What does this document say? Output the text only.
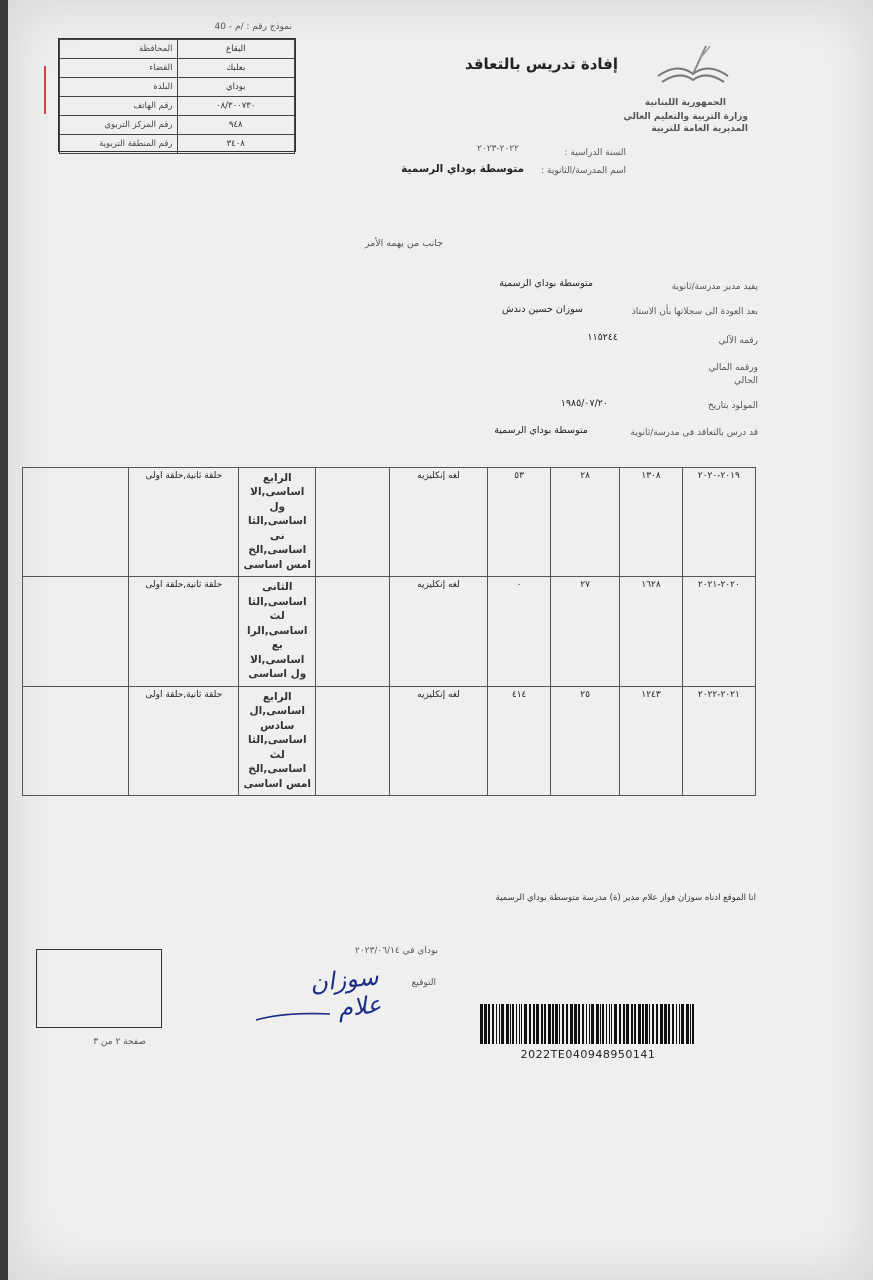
نموذج رقم : /م - 40
المحافظة	البقاع
القضاء	بعلبك
البلدة	بوداي
رقم الهاتف	٠٨/٣٠٠٧٣٠
رقم المركز التربوي	٩٤٨
رقم المنطقة التربوية	٣٤٠٨
إفادة تدريس بالتعاقد
الجمهورية اللبنانية
وزارة التربية والتعليم العالي
المديرية العامة للتربية
السنة الدراسية :
٢٠٢٢-٢٠٢٣
اسم المدرسة/الثانوية :
متوسطة بوداي الرسمية
جانب من يهمه الأمر
يفيد مدير مدرسة/ثانوية
متوسطة بوداي الرسمية
بعد العودة الى سجلاتها بأن الاستاذ
سوزان حسين دندش
رقمه الآلي
١١٥٢٤٤
ورقمه المالي الحالي
المولود بتاريخ
١٩٨٥/٠٧/٢٠
قد درس بالتعاقد في مدرسة/ثانوية
متوسطة بوداي الرسمية
٢٠١٩-٢٠٢٠	١٣٠٨	٢٨	٥٣	لغه إنكليزيه		الرابع اساسى,الا ول اساسى,الثا نى اساسى,الخ امس اساسى	حلقة ثانية,حلقة اولى	
٢٠٢٠-٢٠٢١	١٦٢٨	٢٧	٠	لغه إنكليزيه		الثانى اساسى,الثا لث اساسى,الرا بع اساسى,الا ول اساسى	حلقة ثانية,حلقة اولى	
٢٠٢١-٢٠٢٢	١٢٤٣	٢٥	٤١٤	لغه إنكليزيه		الرابع اساسى,ال سادس اساسى,الثا لث اساسى,الخ امس اساسى	حلقة ثانية,حلقة اولى	
انا الموقع ادناه سوزان فواز علام مدير (ة) مدرسة متوسطة بوداي الرسمية
بوداي في ٢٠٢٣/٠٦/١٤
التوقيع
سوزان علام
صفحة ٢ من ٣
2022TE040948950141
